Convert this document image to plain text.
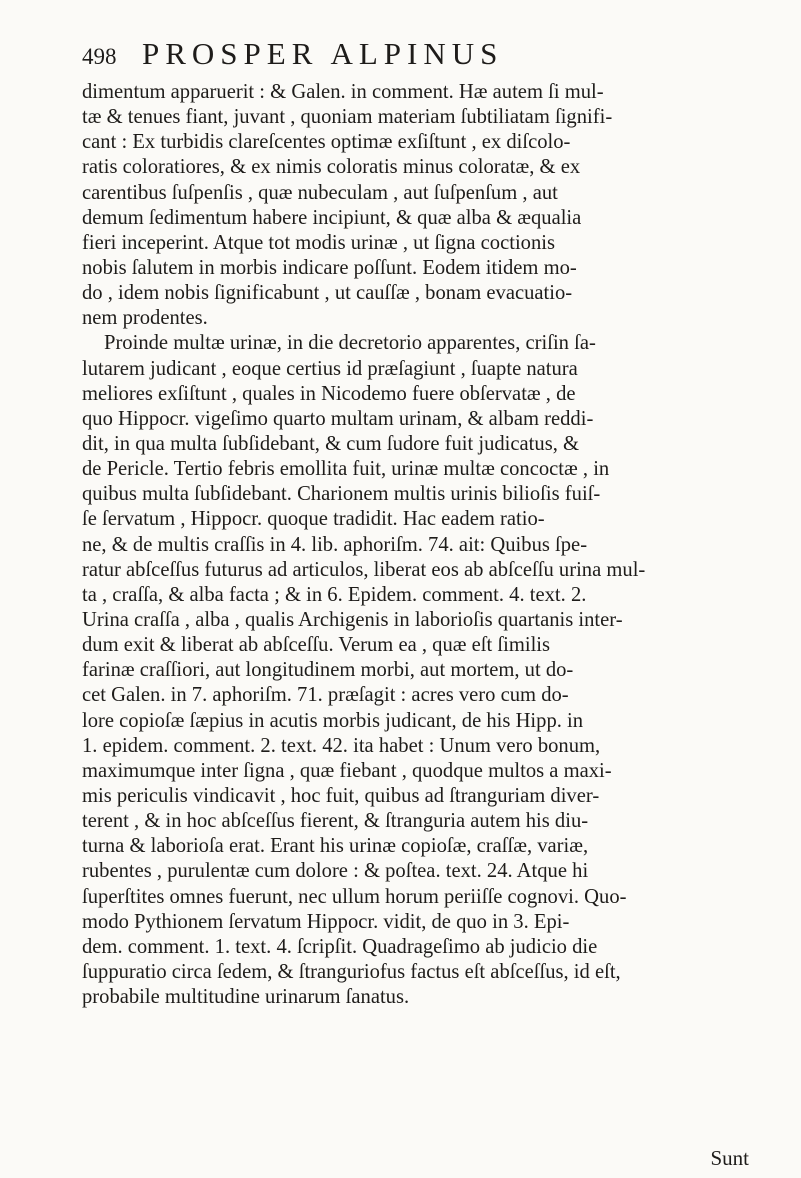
498 PROSPER ALPINUS
dimentum apparuerit : & Galen. in comment. Hæ autem ſi mul-
tæ & tenues fiant, juvant , quoniam materiam ſubtiliatam ſignifi-
cant : Ex turbidis clareſcentes optimæ exſiſtunt , ex diſcolo-
ratis coloratiores, & ex nimis coloratis minus coloratæ, & ex
carentibus ſuſpenſis , quæ nubeculam , aut ſuſpenſum , aut
demum ſedimentum habere incipiunt, & quæ alba & æqualia
fieri inceperint. Atque tot modis urinæ , ut ſigna coctionis
nobis ſalutem in morbis indicare poſſunt. Eodem itidem mo-
do , idem nobis ſignificabunt , ut cauſſæ , bonam evacuatio-
nem prodentes.
Proinde multæ urinæ, in die decretorio apparentes, criſin ſa-
lutarem judicant , eoque certius id præſagiunt , ſuapte natura
meliores exſiſtunt , quales in Nicodemo fuere obſervatæ , de
quo Hippocr. vigeſimo quarto multam urinam, & albam reddi-
dit, in qua multa ſubſidebant, & cum ſudore fuit judicatus, &
de Pericle. Tertio febris emollita fuit, urinæ multæ concoctæ , in
quibus multa ſubſidebant. Charionem multis urinis bilioſis fuiſ-
ſe ſervatum , Hippocr. quoque tradidit. Hac eadem ratio-
ne, & de multis craſſis in 4. lib. aphoriſm. 74. ait: Quibus ſpe-
ratur abſceſſus futurus ad articulos, liberat eos ab abſceſſu urina mul-
ta , craſſa, & alba facta ; & in 6. Epidem. comment. 4. text. 2.
Urina craſſa , alba , qualis Archigenis in laborioſis quartanis inter-
dum exit & liberat ab abſceſſu. Verum ea , quæ eſt ſimilis
farinæ craſſiori, aut longitudinem morbi, aut mortem, ut do-
cet Galen. in 7. aphoriſm. 71. præſagit : acres vero cum do-
lore copioſæ ſæpius in acutis morbis judicant, de his Hipp. in
1. epidem. comment. 2. text. 42. ita habet : Unum vero bonum,
maximumque inter ſigna , quæ fiebant , quodque multos a maxi-
mis periculis vindicavit , hoc fuit, quibus ad ſtranguriam diver-
terent , & in hoc abſceſſus fierent, & ſtranguria autem his diu-
turna & laborioſa erat. Erant his urinæ copioſæ, craſſæ, variæ,
rubentes , purulentæ cum dolore : & poſtea. text. 24. Atque hi
ſuperſtites omnes fuerunt, nec ullum horum periiſſe cognovi. Quo-
modo Pythionem ſervatum Hippocr. vidit, de quo in 3. Epi-
dem. comment. 1. text. 4. ſcripſit. Quadrageſimo ab judicio die
ſuppuratio circa ſedem, & ſtranguriofus factus eſt abſceſſus, id eſt,
probabile multitudine urinarum ſanatus.
Sunt
